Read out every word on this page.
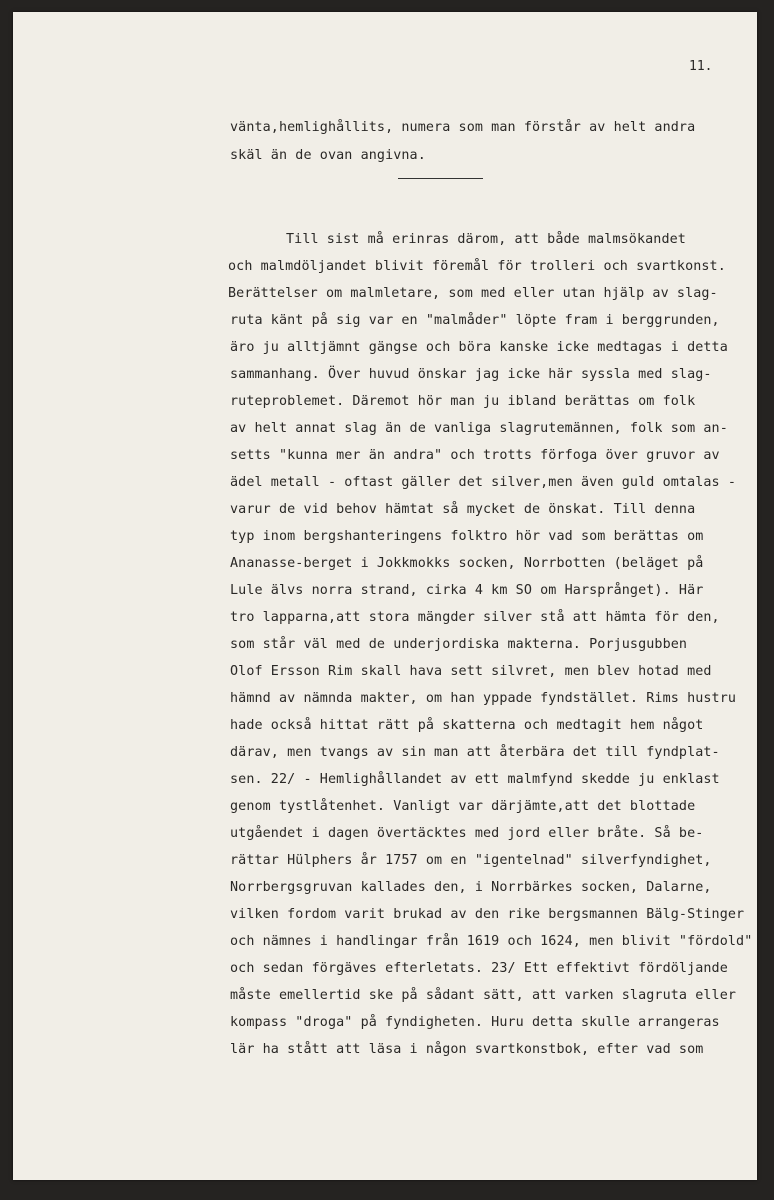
11.
vänta,hemlighållits, numera som man förstår av helt andra
skäl än de ovan angivna.
Till sist må erinras därom, att både malmsökandet
och malmdöljandet blivit föremål för trolleri och svartkonst.
Berättelser om malmletare, som med eller utan hjälp av slag-
ruta känt på sig var en "malmåder" löpte fram i berggrunden,
äro ju alltjämnt gängse och böra kanske icke medtagas i detta
sammanhang. Över huvud önskar jag icke här syssla med slag-
ruteproblemet. Däremot hör man ju ibland berättas om folk
av helt annat slag än de vanliga slagrutemännen, folk som an-
setts "kunna mer än andra" och trotts förfoga över gruvor av
ädel metall - oftast gäller det silver,men även guld omtalas -
varur de vid behov hämtat så mycket de önskat. Till denna
typ inom bergshanteringens folktro hör vad som berättas om
Ananasse-berget i Jokkmokks socken, Norrbotten (beläget på
Lule älvs norra strand, cirka 4 km SO om Harsprånget). Här
tro lapparna,att stora mängder silver stå att hämta för den,
som står väl med de underjordiska makterna. Porjusgubben
Olof Ersson Rim skall hava sett silvret, men blev hotad med
hämnd av nämnda makter, om han yppade fyndstället. Rims hustru
hade också hittat rätt på skatterna och medtagit hem något
därav, men tvangs av sin man att återbära det till fyndplat-
sen. 22/ - Hemlighållandet av ett malmfynd skedde ju enklast
genom tystlåtenhet. Vanligt var därjämte,att det blottade
utgåendet i dagen övertäcktes med jord eller bråte. Så be-
rättar Hülphers år 1757 om en "igentelnad" silverfyndighet,
Norrbergsgruvan kallades den, i Norrbärkes socken, Dalarne,
vilken fordom varit brukad av den rike bergsmannen Bälg-Stinger
och nämnes i handlingar från 1619 och 1624, men blivit "fördold"
och sedan förgäves efterletats. 23/ Ett effektivt fördöljande
måste emellertid ske på sådant sätt, att varken slagruta eller
kompass "droga" på fyndigheten. Huru detta skulle arrangeras
lär ha stått att läsa i någon svartkonstbok, efter vad som
